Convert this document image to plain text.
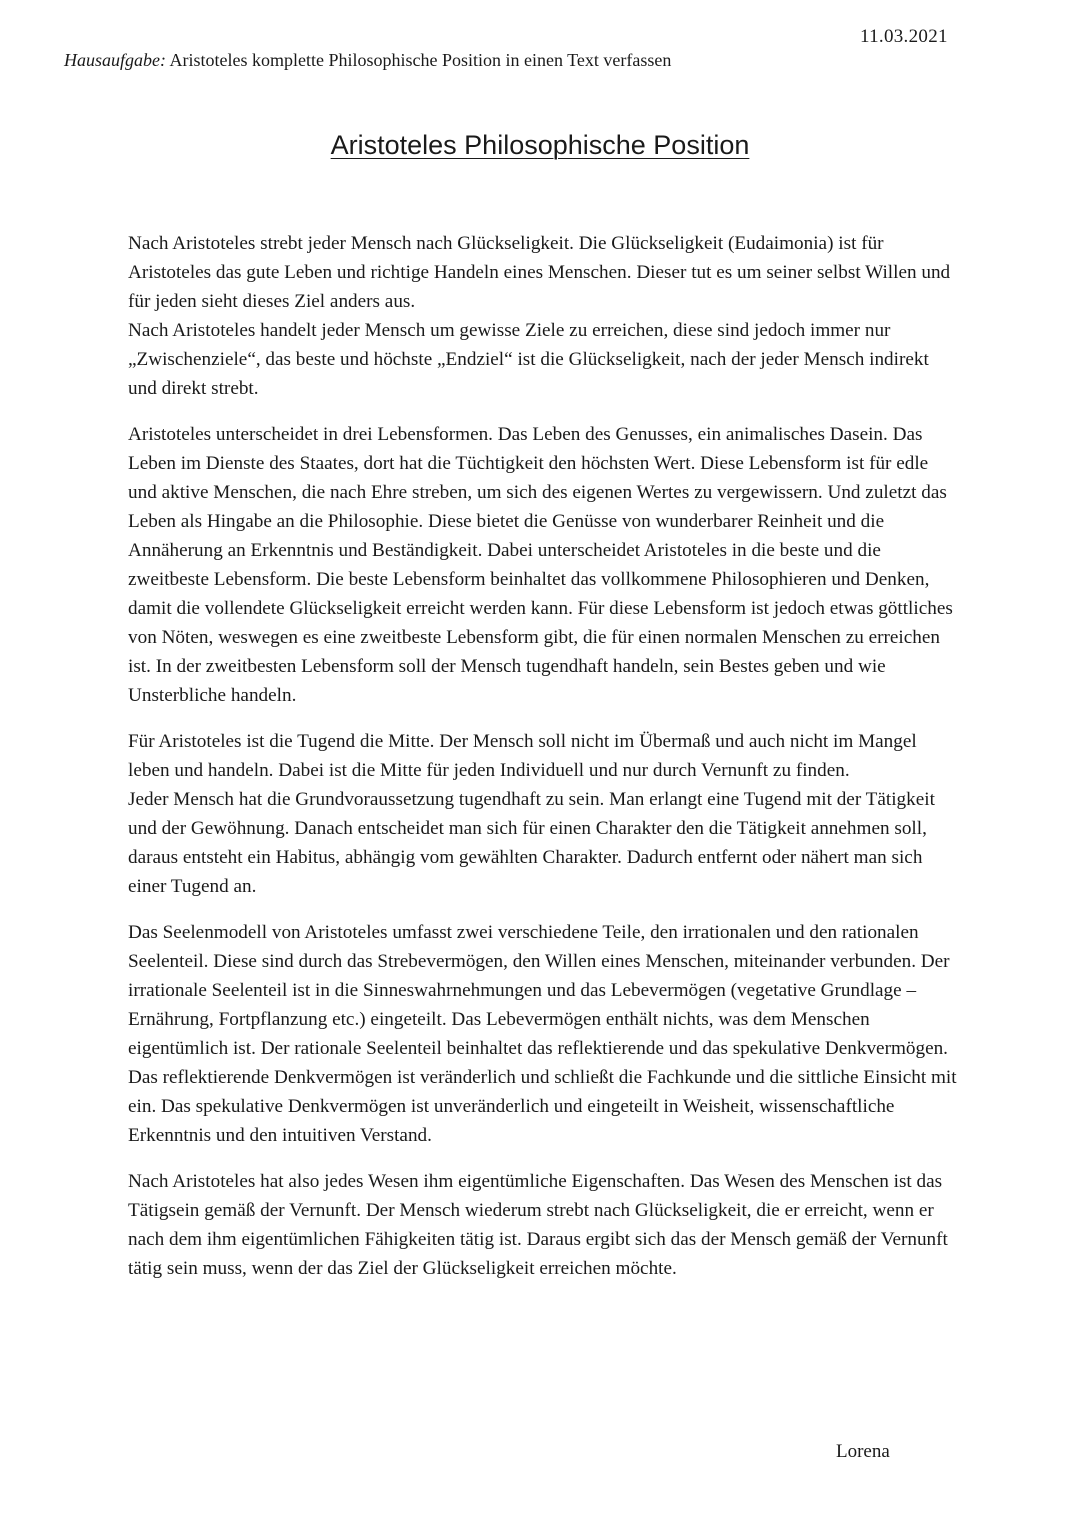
11.03.2021
Hausaufgabe: Aristoteles komplette Philosophische Position in einen Text verfassen
Aristoteles Philosophische Position

Nach Aristoteles strebt jeder Mensch nach Glückseligkeit. Die Glückseligkeit (Eudaimonia) ist für Aristoteles das gute Leben und richtige Handeln eines Menschen. Dieser tut es um seiner selbst Willen und für jeden sieht dieses Ziel anders aus.

Nach Aristoteles handelt jeder Mensch um gewisse Ziele zu erreichen, diese sind jedoch immer nur „Zwischenziele“, das beste und höchste „Endziel“ ist die Glückseligkeit, nach der jeder Mensch indirekt und direkt strebt.

Aristoteles unterscheidet in drei Lebensformen. Das Leben des Genusses, ein animalisches Dasein. Das Leben im Dienste des Staates, dort hat die Tüchtigkeit den höchsten Wert. Diese Lebensform ist für edle und aktive Menschen, die nach Ehre streben, um sich des eigenen Wertes zu vergewissern. Und zuletzt das Leben als Hingabe an die Philosophie. Diese bietet die Genüsse von wunderbarer Reinheit und die Annäherung an Erkenntnis und Beständigkeit. Dabei unterscheidet Aristoteles in die beste und die zweitbeste Lebensform. Die beste Lebensform beinhaltet das vollkommene Philosophieren und Denken, damit die vollendete Glückseligkeit erreicht werden kann. Für diese Lebensform ist jedoch etwas göttliches von Nöten, weswegen es eine zweitbeste Lebensform gibt, die für einen normalen Menschen zu erreichen ist. In der zweitbesten Lebensform soll der Mensch tugendhaft handeln, sein Bestes geben und wie Unsterbliche handeln.

Für Aristoteles ist die Tugend die Mitte. Der Mensch soll nicht im Übermaß und auch nicht im Mangel leben und handeln. Dabei ist die Mitte für jeden Individuell und nur durch Vernunft zu finden.

Jeder Mensch hat die Grundvoraussetzung tugendhaft zu sein. Man erlangt eine Tugend mit der Tätigkeit und der Gewöhnung. Danach entscheidet man sich für einen Charakter den die Tätigkeit annehmen soll, daraus entsteht ein Habitus, abhängig vom gewählten Charakter. Dadurch entfernt oder nähert man sich einer Tugend an.

Das Seelenmodell von Aristoteles umfasst zwei verschiedene Teile, den irrationalen und den rationalen Seelenteil. Diese sind durch das Strebevermögen, den Willen eines Menschen, miteinander verbunden. Der irrationale Seelenteil ist in die Sinneswahrnehmungen und das Lebevermögen (vegetative Grundlage – Ernährung, Fortpflanzung etc.) eingeteilt. Das Lebevermögen enthält nichts, was dem Menschen eigentümlich ist. Der rationale Seelenteil beinhaltet das reflektierende und das spekulative Denkvermögen. Das reflektierende Denkvermögen ist veränderlich und schließt die Fachkunde und die sittliche Einsicht mit ein. Das spekulative Denkvermögen ist unveränderlich und eingeteilt in Weisheit, wissenschaftliche Erkenntnis und den intuitiven Verstand.

Nach Aristoteles hat also jedes Wesen ihm eigentümliche Eigenschaften. Das Wesen des Menschen ist das Tätigsein gemäß der Vernunft. Der Mensch wiederum strebt nach Glückseligkeit, die er erreicht, wenn er nach dem ihm eigentümlichen Fähigkeiten tätig ist. Daraus ergibt sich das der Mensch gemäß der Vernunft tätig sein muss, wenn der das Ziel der Glückseligkeit erreichen möchte.

Lorena
